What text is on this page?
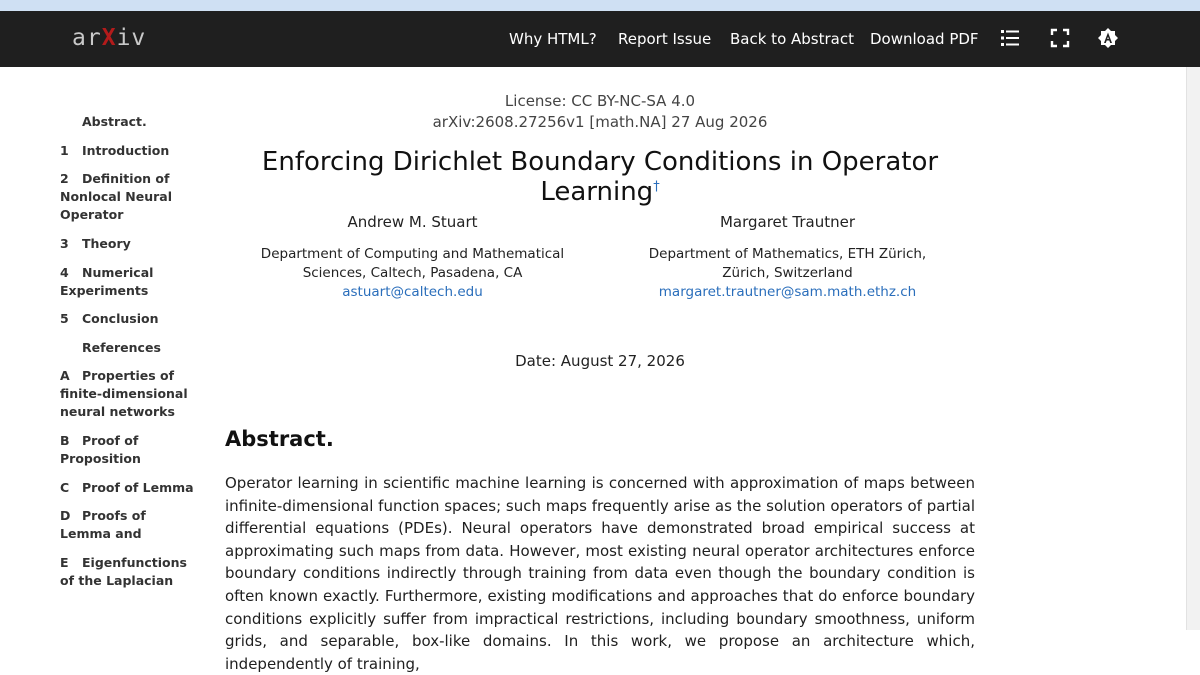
arXiv	Why HTML? Report Issue Back to Abstract Download PDF
Abstract.
1 Introduction
2 Definition of Nonlocal Neural Operator
3 Theory
4 Numerical Experiments
5 Conclusion
References
A Properties of finite-dimensional neural networks
B Proof of Proposition
C Proof of Lemma
D Proofs of Lemma and
E Eigenfunctions of the Laplacian
License: CC BY-NC-SA 4.0
arXiv:2608.27256v1 [math.NA] 27 Aug 2026
Enforcing Dirichlet Boundary Conditions in Operator Learning†
Andrew M. Stuart
Department of Computing and Mathematical Sciences, Caltech, Pasadena, CA
astuart@caltech.edu
Margaret Trautner
Department of Mathematics, ETH Zürich, Zürich, Switzerland
margaret.trautner@sam.math.ethz.ch
Date: August 27, 2026
Abstract.
Operator learning in scientific machine learning is concerned with approximation of maps between infinite-dimensional function spaces; such maps frequently arise as the solution operators of partial differential equations (PDEs). Neural operators have demonstrated broad empirical success at approximating such maps from data. However, most existing neural operator architectures enforce boundary conditions indirectly through training from data even though the boundary condition is often known exactly. Furthermore, existing modifications and approaches that do enforce boundary conditions explicitly suffer from impractical restrictions, including boundary smoothness, uniform grids, and separable, box-like domains. In this work, we propose an architecture which, independently of training,
